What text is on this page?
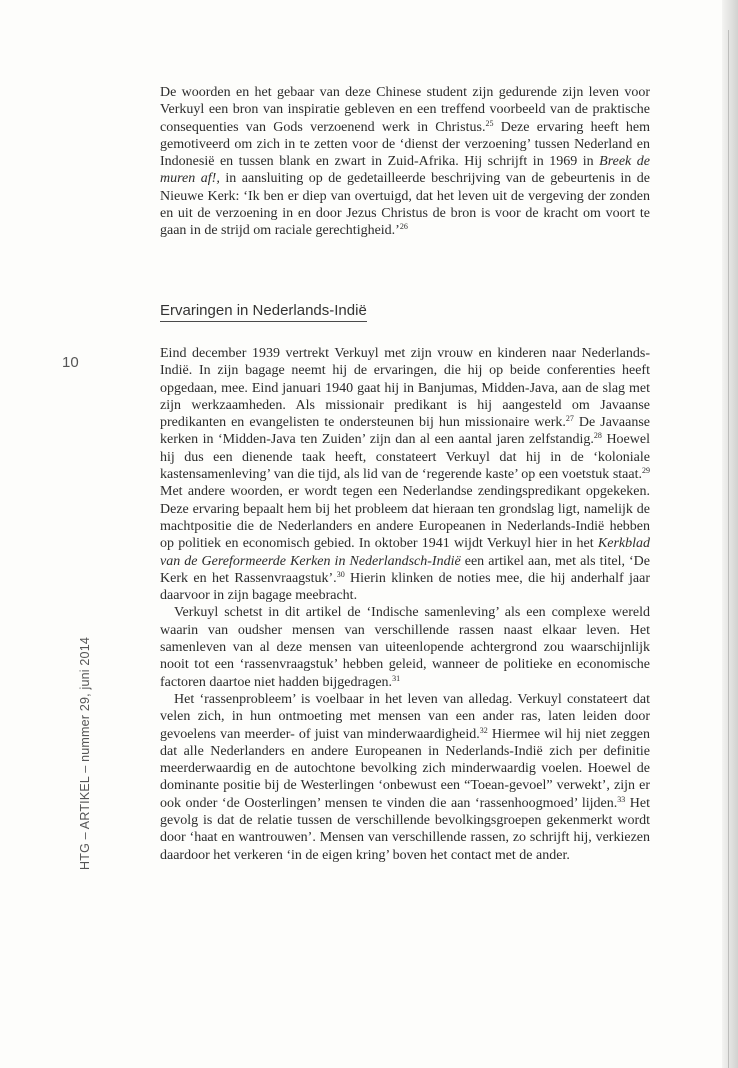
10
HTG – ARTIKEL – nummer 29, juni 2014

De woorden en het gebaar van deze Chinese student zijn gedurende zijn leven voor Verkuyl een bron van inspiratie gebleven en een treffend voorbeeld van de praktische consequenties van Gods verzoenend werk in Christus.$^{25}$ Deze ervaring heeft hem gemotiveerd om zich in te zetten voor de ‘dienst der verzoening’ tussen Nederland en Indonesië en tussen blank en zwart in Zuid-Afrika. Hij schrijft in 1969 in Breek de muren af!, in aansluiting op de gedetailleerde beschrijving van de gebeurtenis in de Nieuwe Kerk: ‘Ik ben er diep van overtuigd, dat het leven uit de vergeving der zonden en uit de verzoening in en door Jezus Christus de bron is voor de kracht om voort te gaan in de strijd om raciale gerechtigheid.’$^{26}$

Ervaringen in Nederlands-Indië

Eind december 1939 vertrekt Verkuyl met zijn vrouw en kinderen naar Nederlands-Indië. In zijn bagage neemt hij de ervaringen, die hij op beide conferenties heeft opgedaan, mee. Eind januari 1940 gaat hij in Banjumas, Midden-Java, aan de slag met zijn werkzaamheden. Als missionair predikant is hij aangesteld om Javaanse predikanten en evangelisten te ondersteunen bij hun missionaire werk.$^{27}$ De Javaanse kerken in ‘Midden-Java ten Zuiden’ zijn dan al een aantal jaren zelfstandig.$^{28}$ Hoewel hij dus een dienende taak heeft, constateert Verkuyl dat hij in de ‘koloniale kastensamenleving’ van die tijd, als lid van de ‘regerende kaste’ op een voetstuk staat.$^{29}$ Met andere woorden, er wordt tegen een Nederlandse zendingspredikant opgekeken. Deze ervaring bepaalt hem bij het probleem dat hieraan ten grondslag ligt, namelijk de machtpositie die de Nederlanders en andere Europeanen in Nederlands-Indië hebben op politiek en economisch gebied. In oktober 1941 wijdt Verkuyl hier in het Kerkblad van de Gereformeerde Kerken in Nederlandsch-Indië een artikel aan, met als titel, ‘De Kerk en het Rassenvraagstuk’.$^{30}$ Hierin klinken de noties mee, die hij anderhalf jaar daarvoor in zijn bagage meebracht.

Verkuyl schetst in dit artikel de ‘Indische samenleving’ als een complexe wereld waarin van oudsher mensen van verschillende rassen naast elkaar leven. Het samenleven van al deze mensen van uiteenlopende achtergrond zou waarschijnlijk nooit tot een ‘rassenvraagstuk’ hebben geleid, wanneer de politieke en economische factoren daartoe niet hadden bijgedragen.$^{31}$

Het ‘rassenprobleem’ is voelbaar in het leven van alledag. Verkuyl constateert dat velen zich, in hun ontmoeting met mensen van een ander ras, laten leiden door gevoelens van meerder- of juist van minderwaardigheid.$^{32}$ Hiermee wil hij niet zeggen dat alle Nederlanders en andere Europeanen in Nederlands-Indië zich per definitie meerderwaardig en de autochtone bevolking zich minderwaardig voelen. Hoewel de dominante positie bij de Westerlingen ‘onbewust een “Toean-gevoel” verwekt’, zijn er ook onder ‘de Oosterlingen’ mensen te vinden die aan ‘rassenhoogmoed’ lijden.$^{33}$ Het gevolg is dat de relatie tussen de verschillende bevolkingsgroepen gekenmerkt wordt door ‘haat en wantrouwen’. Mensen van verschillende rassen, zo schrijft hij, verkiezen daardoor het verkeren ‘in de eigen kring’ boven het contact met de ander.
